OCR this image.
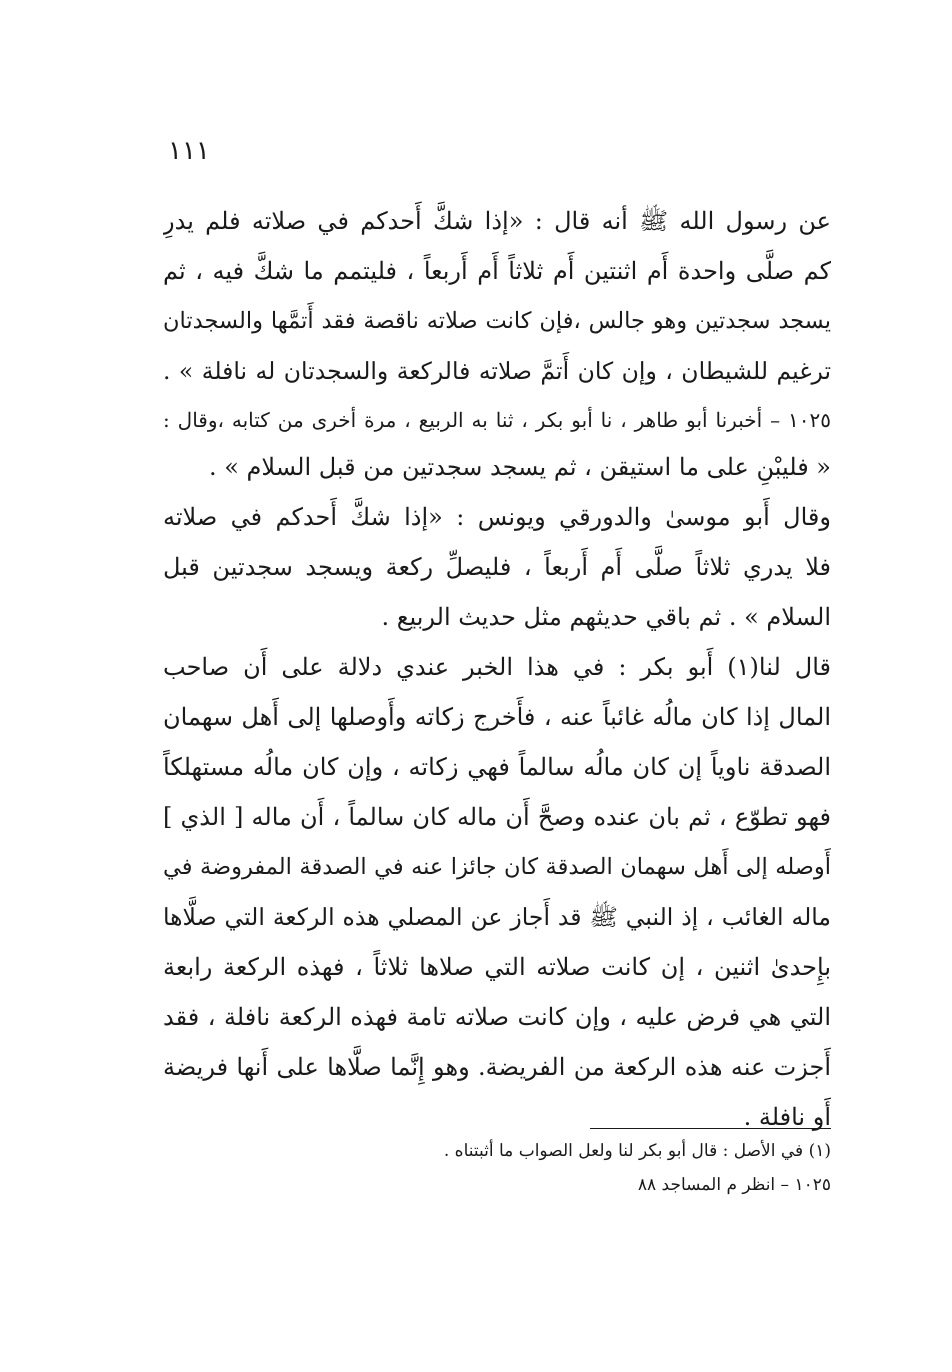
١١١
عن رسول الله ﷺ أنه قال : «إذا شكَّ أَحدكم في صلاته فلم يدرِ
كم صلَّى واحدة أَم اثنتين أَم ثلاثاً أَم أَربعاً ، فليتمم ما شكَّ فيه ، ثم
يسجد سجدتين وهو جالس ،فإن كانت صلاته ناقصة فقد أَتمَّها والسجدتان
ترغيم للشيطان ، وإن كان أَتمَّ صلاته فالركعة والسجدتان له نافلة » .
١٠٢٥ – أخبرنا أبو طاهر ، نا أبو بكر ، ثنا به الربيع ، مرة أخرى من كتابه ،وقال :
« فليبْنِ على ما استيقن ، ثم يسجد سجدتين من قبل السلام » .
وقال أَبو موسىٰ والدورقي ويونس : «إذا شكَّ أَحدكم في صلاته
فلا يدري ثلاثاً صلَّى أَم أَربعاً ، فليصلِّ ركعة ويسجد سجدتين قبل
السلام » . ثم باقي حديثهم مثل حديث الربيع .
قال لنا(١) أَبو بكر : في هذا الخبر عندي دلالة على أَن صاحب
المال إذا كان مالُه غائباً عنه ، فأَخرج زكاته وأَوصلها إلى أَهل سهمان
الصدقة ناوياً إن كان مالُه سالماً فهي زكاته ، وإن كان مالُه مستهلكاً
فهو تطوّع ، ثم بان عنده وصحَّ أَن ماله كان سالماً ، أَن ماله [ الذي ]
أَوصله إلى أَهل سهمان الصدقة كان جائزا عنه في الصدقة المفروضة في
ماله الغائب ، إذ النبي ﷺ قد أَجاز عن المصلي هذه الركعة التي صلَّاها
بإِحدىٰ اثنين ، إن كانت صلاته التي صلاها ثلاثاً ، فهذه الركعة رابعة
التي هي فرض عليه ، وإن كانت صلاته تامة فهذه الركعة نافلة ، فقد
أَجزت عنه هذه الركعة من الفريضة. وهو إِنَّما صلَّاها على أَنها فريضة
أَو نافلة .
(١) في الأصل : قال أبو بكر لنا ولعل الصواب ما أثبتناه .
١٠٢٥ – انظر م المساجد ٨٨
